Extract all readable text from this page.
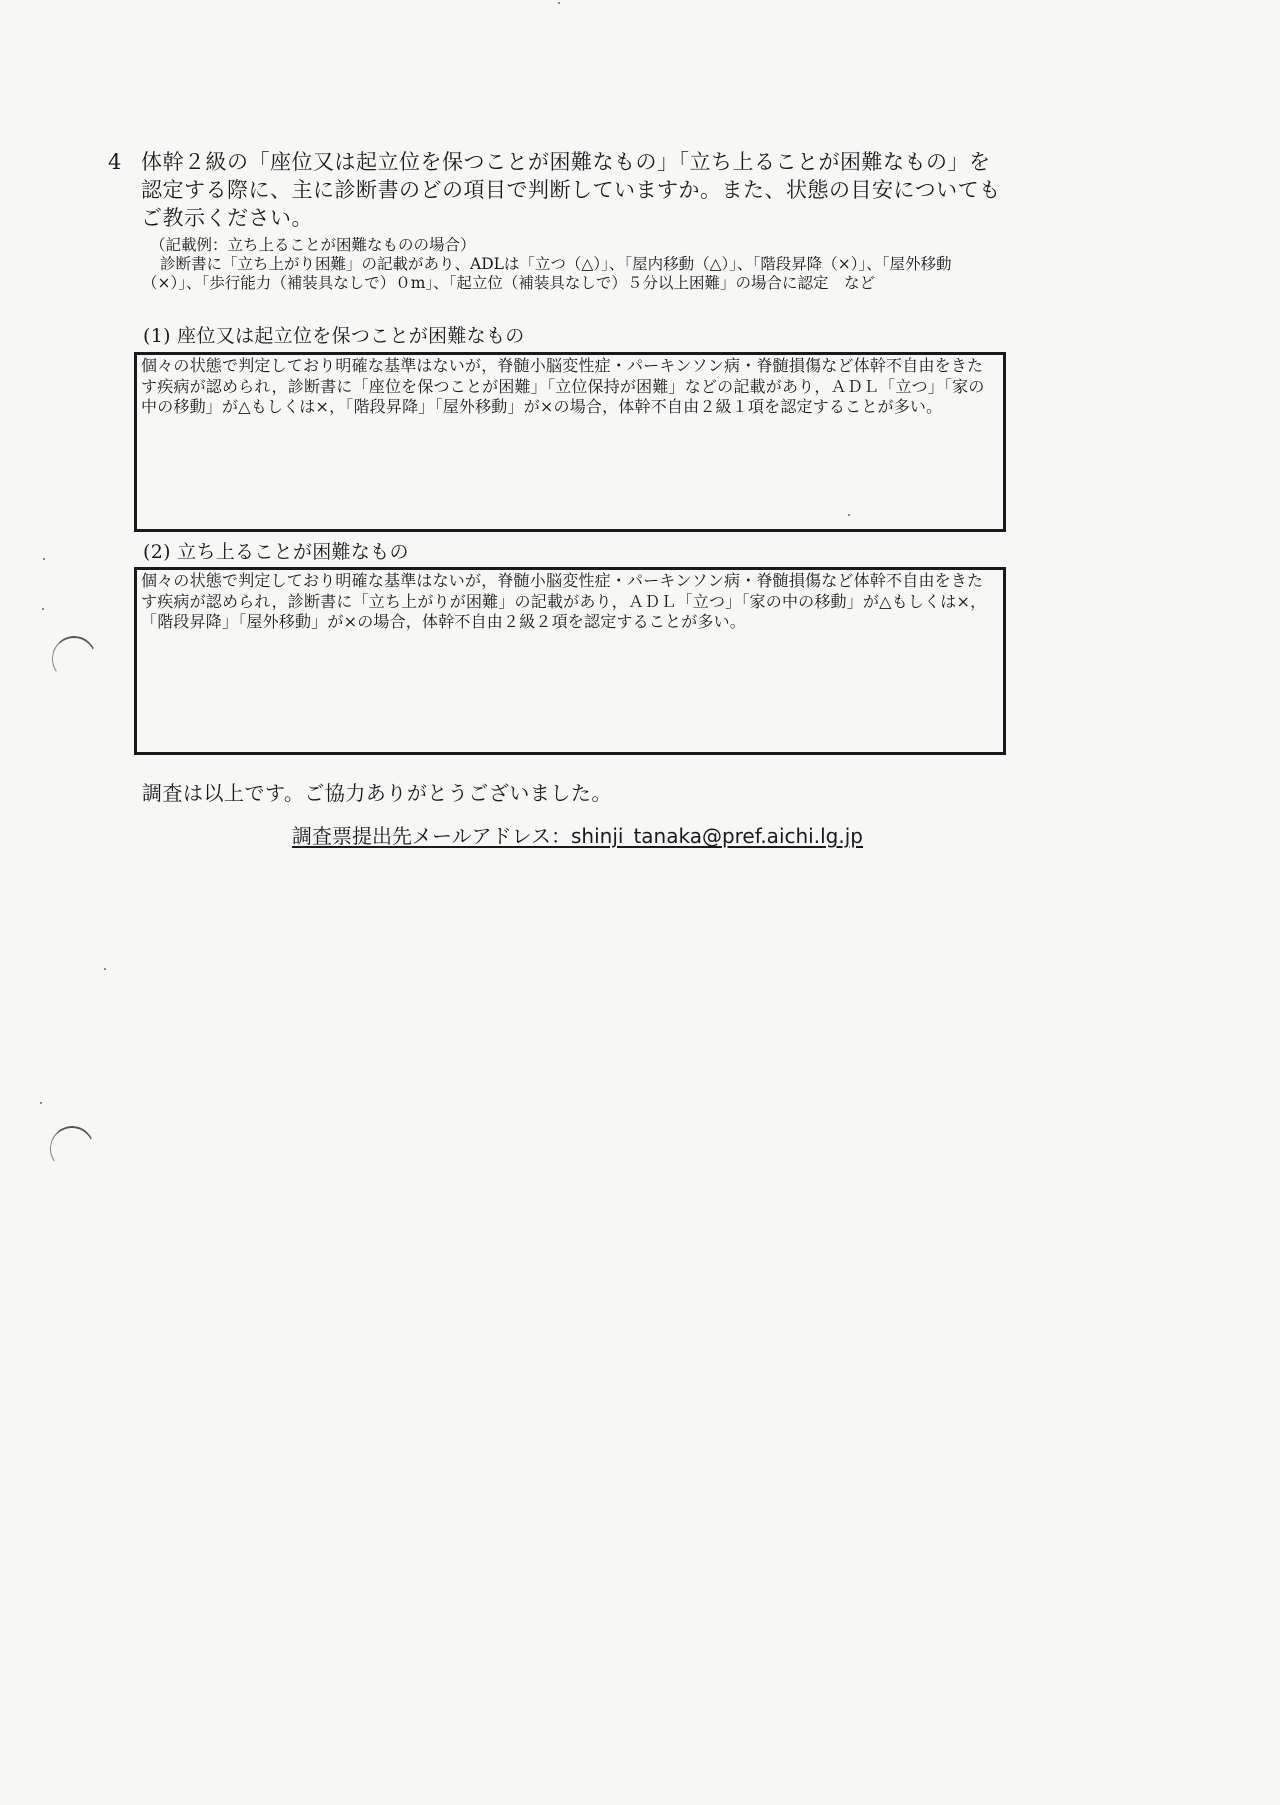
4 体幹２級の「座位又は起立位を保つことが困難なもの」「立ち上ることが困難なもの」を認定する際に、主に診断書のどの項目で判断していますか。また、状態の目安についてもご教示ください。
（記載例：立ち上ることが困難なものの場合）
診断書に「立ち上がり困難」の記載があり、ADLは「立つ（△）」、「屋内移動（△）」、「階段昇降（×）」、「屋外移動（×）」、「歩行能力（補装具なしで）０m」、「起立位（補装具なしで）５分以上困難」の場合に認定　など
(1) 座位又は起立位を保つことが困難なもの
個々の状態で判定しており明確な基準はないが，脊髄小脳変性症・パーキンソン病・脊髄損傷など体幹不自由をきたす疾病が認められ，診断書に「座位を保つことが困難」「立位保持が困難」などの記載があり，ＡＤＬ「立つ」「家の中の移動」が△もしくは×，「階段昇降」「屋外移動」が×の場合，体幹不自由２級１項を認定することが多い。
(2) 立ち上ることが困難なもの
個々の状態で判定しており明確な基準はないが，脊髄小脳変性症・パーキンソン病・脊髄損傷など体幹不自由をきたす疾病が認められ，診断書に「立ち上がりが困難」の記載があり，ＡＤＬ「立つ」「家の中の移動」が△もしくは×，「階段昇降」「屋外移動」が×の場合，体幹不自由２級２項を認定することが多い。
調査は以上です。ご協力ありがとうございました。
調査票提出先メールアドレス：shinji_tanaka@pref.aichi.lg.jp
